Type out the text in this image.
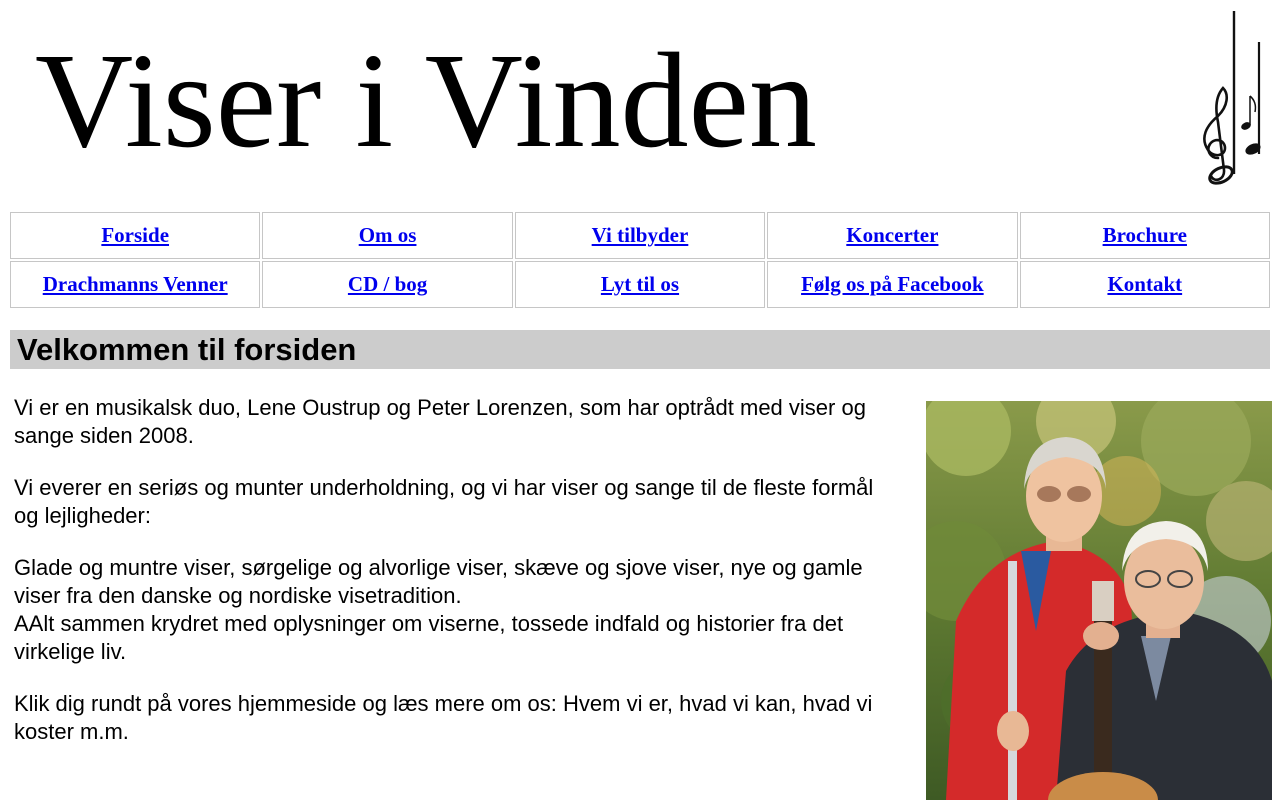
Viser i Vinden
Forside	Om os	Vi tilbyder	Koncerter	Brochure
Drachmanns Venner	CD / bog	Lyt til os	Følg os på Facebook	Kontakt
Velkommen til forsiden

Vi er en musikalsk duo, Lene Oustrup og Peter Lorenzen, som har optrådt med viser og sange siden 2008.

Vi everer en seriøs og munter underholdning, og vi har viser og sange til de fleste formål og lejligheder:

Glade og muntre viser, sørgelige og alvorlige viser, skæve og sjove viser, nye og gamle viser fra den danske og nordiske visetradition.
AAlt sammen krydret med oplysninger om viserne, tossede indfald og historier fra det virkelige liv.

Klik dig rundt på vores hjemmeside og læs mere om os: Hvem vi er, hvad vi kan, hvad vi koster m.m.
